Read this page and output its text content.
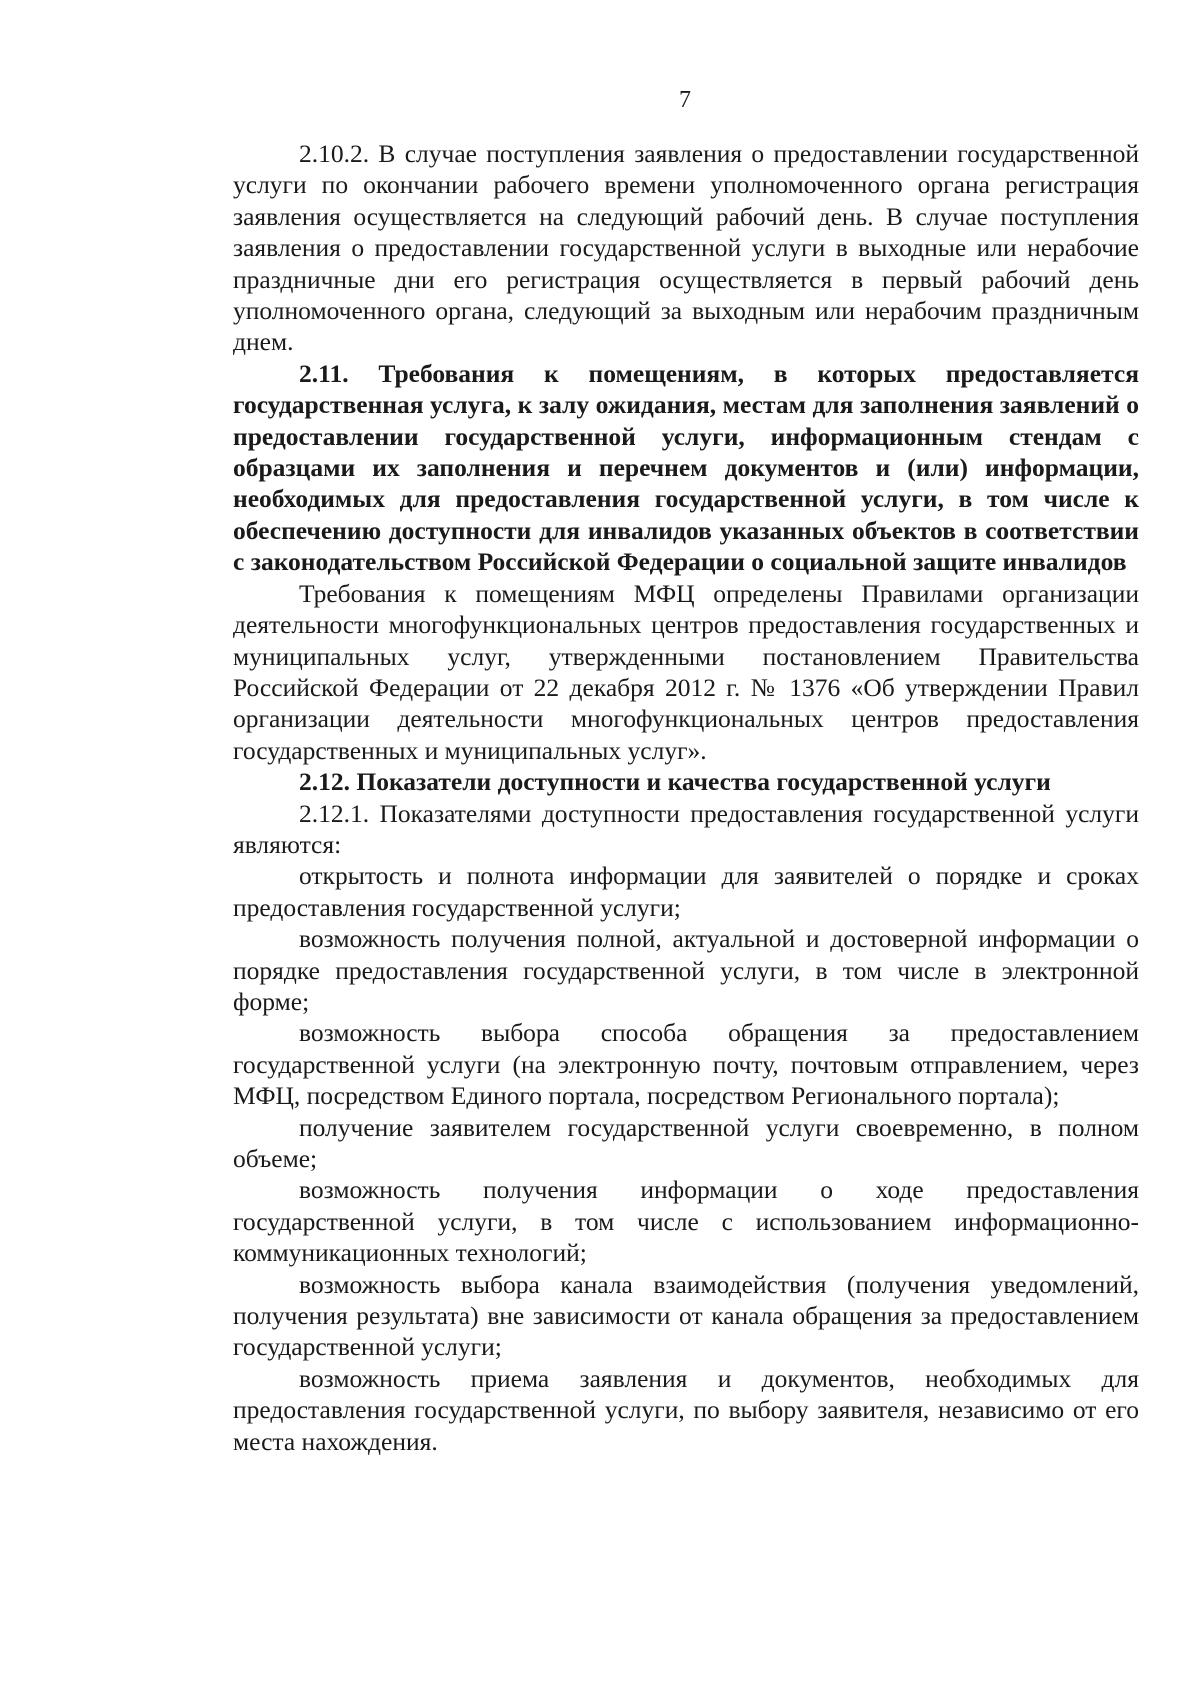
7

2.10.2. В случае поступления заявления о предоставлении государственной услуги по окончании рабочего времени уполномоченного органа регистрация заявления осуществляется на следующий рабочий день. В случае поступления заявления о предоставлении государственной услуги в выходные или нерабочие праздничные дни его регистрация осуществляется в первый рабочий день уполномоченного органа, следующий за выходным или нерабочим праздничным днем.

2.11. Требования к помещениям, в которых предоставляется государственная услуга, к залу ожидания, местам для заполнения заявлений о предоставлении государственной услуги, информационным стендам с образцами их заполнения и перечнем документов и (или) информации, необходимых для предоставления государственной услуги, в том числе к обеспечению доступности для инвалидов указанных объектов в соответствии с законодательством Российской Федерации о социальной защите инвалидов

Требования к помещениям МФЦ определены Правилами организации деятельности многофункциональных центров предоставления государственных и муниципальных услуг, утвержденными постановлением Правительства Российской Федерации от 22 декабря 2012 г. № 1376 «Об утверждении Правил организации деятельности многофункциональных центров предоставления государственных и муниципальных услуг».

2.12. Показатели доступности и качества государственной услуги

2.12.1. Показателями доступности предоставления государственной услуги являются:

открытость и полнота информации для заявителей о порядке и сроках предоставления государственной услуги;

возможность получения полной, актуальной и достоверной информации о порядке предоставления государственной услуги, в том числе в электронной форме;

возможность выбора способа обращения за предоставлением государственной услуги (на электронную почту, почтовым отправлением, через МФЦ, посредством Единого портала, посредством Регионального портала);

получение заявителем государственной услуги своевременно, в полном объеме;

возможность получения информации о ходе предоставления государственной услуги, в том числе с использованием информационно-коммуникационных технологий;

возможность выбора канала взаимодействия (получения уведомлений, получения результата) вне зависимости от канала обращения за предоставлением государственной услуги;

возможность приема заявления и документов, необходимых для предоставления государственной услуги, по выбору заявителя, независимо от его места нахождения.
